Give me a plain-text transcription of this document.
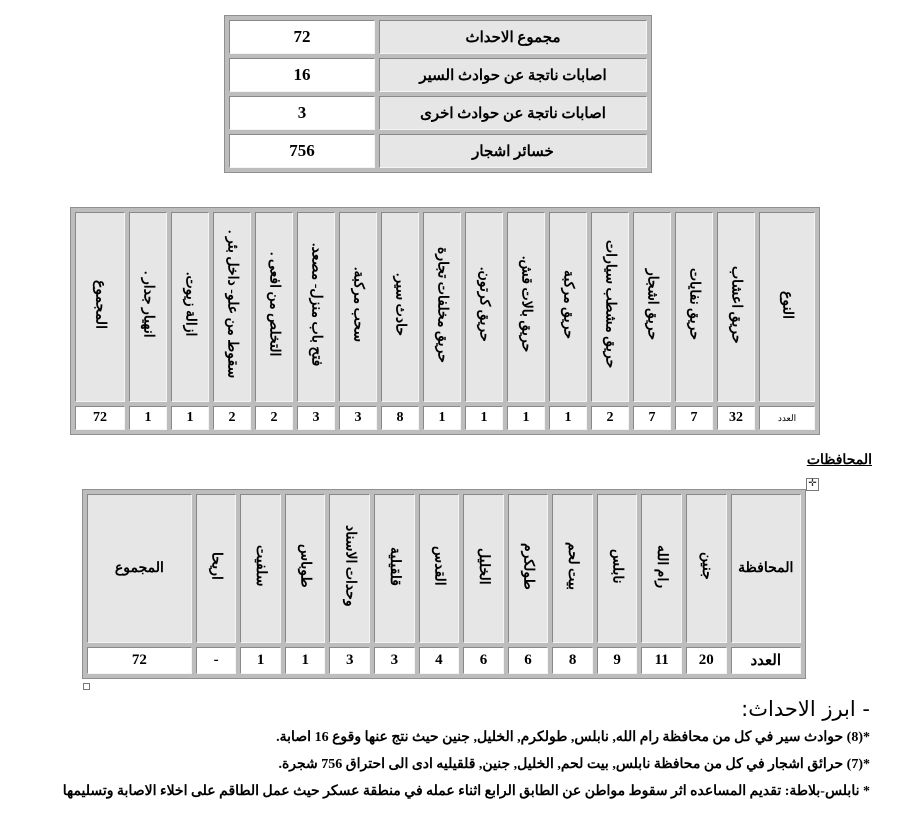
مجموع الاحداث	72
اصابات ناتجة عن حوادث السير	16
اصابات ناتجة عن حوادث اخرى	3
خسائر اشجار	756
النوع	حريق اعشاب	حريق نفايات	حريق اشجار	حريق مشطب سيارات	حريق مركبة	حريق بالات قش.	حريق كرتون.	حريق مخلفات تجارة	حادث سير.	سحب مركبة.	فتح باب منزل- مصعد.	التخلص من افعى .	سقوط من علو- داخل بئر .	ازالة زيوت.	انهيار جدار .	المجموع
العدد	32	7	7	2	1	1	1	1	8	3	3	2	2	1	1	72
المحافظات
✛
المحافظة	جنين	رام الله	نابلس	بيت لحم	طولكرم	الخليل	القدس	قلقيلية	وحدات الاسناد	طوباس	سلفيت	اريحا	المجموع
العدد	20	11	9	8	6	6	4	3	3	1	1	-	72
- ابرز الاحداث:

*(8) حوادث سير في كل من محافظة رام الله, نابلس, طولكرم, الخليل, جنين حيث نتج عنها وقوع 16 اصابة.

*(7) حرائق اشجار في كل من محافظة نابلس, بيت لحم, الخليل, جنين, قلقيليه ادى الى احتراق 756 شجرة.

* نابلس-بلاطة: تقديم المساعده اثر سقوط مواطن عن الطابق الرابع اثناء عمله في منطقة عسكر حيث عمل الطاقم على اخلاء الاصابة وتسليمها
